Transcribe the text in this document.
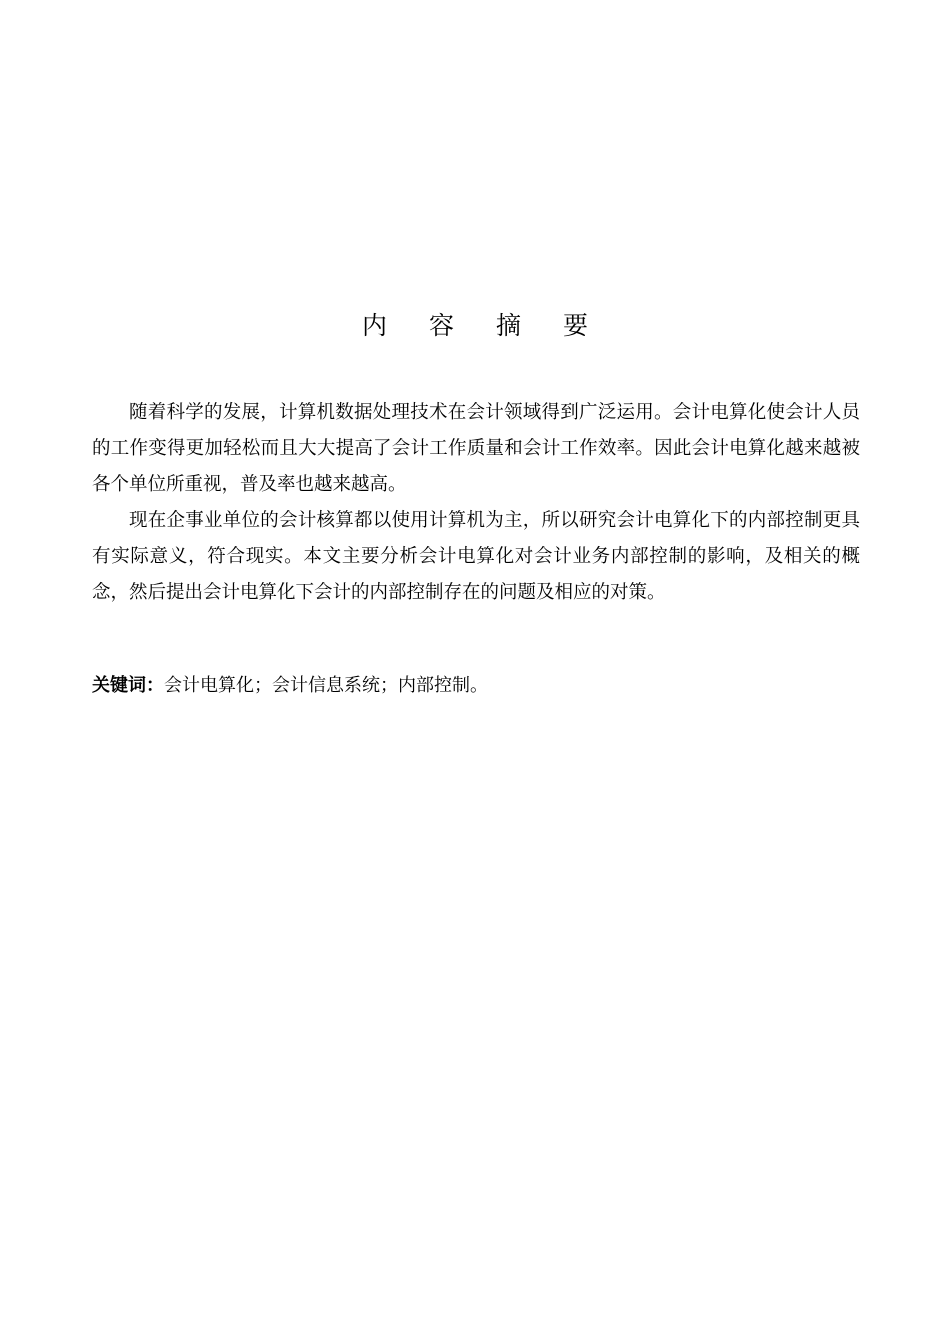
内容摘要

随着科学的发展，计算机数据处理技术在会计领域得到广泛运用。会计电算化使会计人员的工作变得更加轻松而且大大提高了会计工作质量和会计工作效率。因此会计电算化越来越被各个单位所重视，普及率也越来越高。

现在企事业单位的会计核算都以使用计算机为主，所以研究会计电算化下的内部控制更具有实际意义，符合现实。本文主要分析会计电算化对会计业务内部控制的影响，及相关的概念，然后提出会计电算化下会计的内部控制存在的问题及相应的对策。

关键词：会计电算化；会计信息系统；内部控制。
